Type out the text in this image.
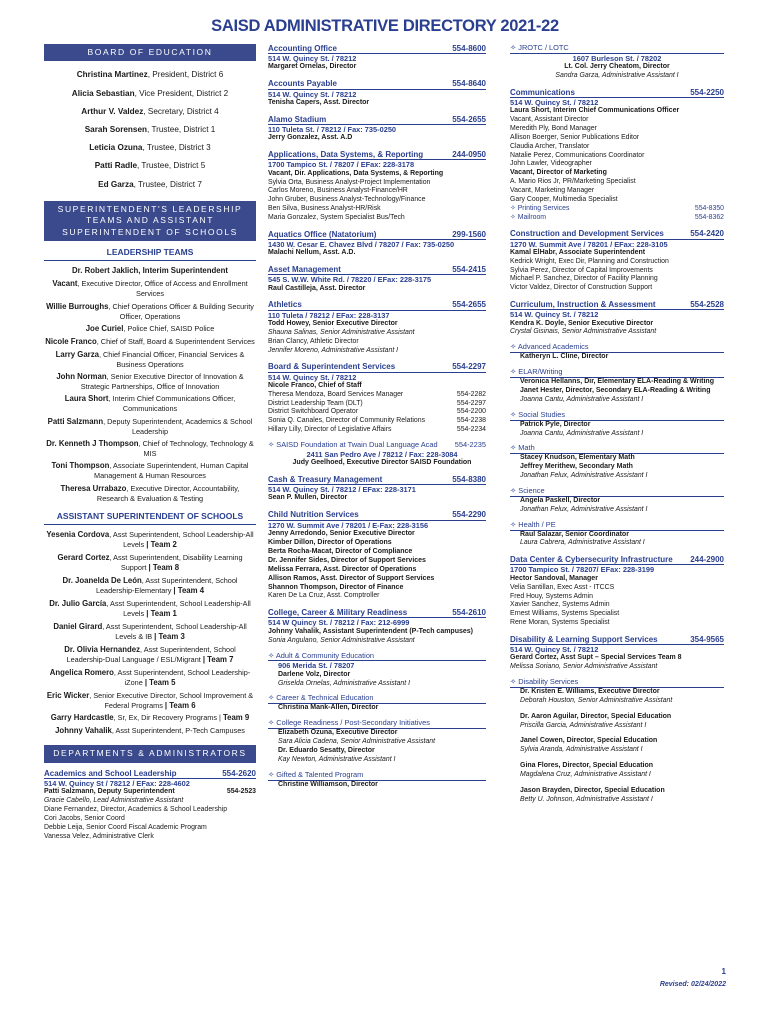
SAISD ADMINISTRATIVE DIRECTORY 2021-22
BOARD OF EDUCATION
Christina Martinez, President, District 6
Alicia Sebastian, Vice President, District 2
Arthur V. Valdez, Secretary, District 4
Sarah Sorensen, Trustee, District 1
Leticia Ozuna, Trustee, District 3
Patti Radle, Trustee, District 5
Ed Garza, Trustee, District 7
SUPERINTENDENT'S LEADERSHIP TEAMS AND ASSISTANT SUPERINTENDENT OF SCHOOLS
LEADERSHIP TEAMS
Dr. Robert Jaklich, Interim Superintendent
Vacant, Executive Director, Office of Access and Enrollment Services
Willie Burroughs, Chief Operations Officer & Building Security Officer, Operations
Joe Curiel, Police Chief, SAISD Police
Nicole Franco, Chief of Staff, Board & Superintendent Services
Larry Garza, Chief Financial Officer, Financial Services & Business Operations
John Norman, Senior Executive Director of Innovation & Strategic Partnerships, Office of Innovation
Laura Short, Interim Chief Communications Officer, Communications
Patti Salzmann, Deputy Superintendent, Academics & School Leadership
Dr. Kenneth J Thompson, Chief of Technology, Technology & MIS
Toni Thompson, Associate Superintendent, Human Capital Management & Human Resources
Theresa Urrabazo, Executive Director, Accountability, Research & Evaluation & Testing
ASSISTANT SUPERINTENDENT OF SCHOOLS
Yesenia Cordova, Asst Superintendent, School Leadership-All Levels | Team 2
Gerard Cortez, Asst Superintendent, Disability Learning Support | Team 8
Dr. Joanelda De León, Asst Superintendent, School Leadership-Elementary | Team 4
Dr. Julio García, Asst Superintendent, School Leadership-All Levels | Team 1
Daniel Girard, Asst Superintendent, School Leadership-All Levels & IB | Team 3
Dr. Olivia Hernandez, Asst Superintendent, School Leadership-Dual Language / ESL/Migrant | Team 7
Angelica Romero, Asst Superintendent, School Leadership-iZone | Team 5
Eric Wicker, Senior Executive Director, School Improvement & Federal Programs | Team 6
Garry Hardcastle, Sr, Ex, Dir Recovery Programs | Team 9
Johnny Vahalik, Asst Superintendent, P-Tech Campuses
DEPARTMENTS & ADMINISTRATORS
Academics and School Leadership	554-2620
514 W. Quincy St / 78212 / EFax: 228-4602
Patti Salzmann, Deputy Superintendent	554-2523
Gracie Cabello, Lead Administrative Assistant
Diane Fernandez, Director, Academics & School Leadership
Cori Jacobs, Senior Coord
Debbie Leija, Senior Coord Fiscal Academic Program
Vanessa Velez, Administrative Clerk
Accounting Office	554-8600
514 W. Quincy St. / 78212
Margaret Ornelas, Director
Accounts Payable	554-8640
514 W. Quincy St. / 78212
Tenisha Capers, Asst. Director
Alamo Stadium	554-2655
110 Tuleta St. / 78212 / Fax: 735-0250
Jerry Gonzalez, Asst. A.D
Applications, Data Systems, & Reporting	244-0950
1700 Tampico St. / 78207 / EFax: 228-3178
Vacant, Dir. Applications, Data Systems, & Reporting
Sylvia Orta, Business Analyst-Project Implementation
Carlos Moreno, Business Analyst-Finance/HR
John Gruber, Business Analyst-Technology/Finance
Ben Silva, Business Analyst-HR/Risk
Maria Gonzalez, System Specialist Bus/Tech
Aquatics Office (Natatorium)	299-1560
1430 W. Cesar E. Chavez Blvd / 78207 / Fax: 735-0250
Malachi Nellum, Asst. A.D.
Asset Management	554-2415
545 S. W.W. White Rd. / 78220 / EFax: 228-3175
Raul Castilleja, Asst. Director
Athletics	554-2655
110 Tuleta / 78212 / EFax: 228-3137
Todd Howey, Senior Executive Director
Shauna Salinas, Senior Administrative Assistant
Brian Clancy, Athletic Director
Jennifer Moreno, Administrative Assistant I
Board & Superintendent Services	554-2297
514 W. Quincy St. / 78212
Nicole Franco, Chief of Staff
Theresa Mendoza, Board Services Manager	554-2282
District Leadership Team (DLT)	554-2297
District Switchboard Operator	554-2200
Sonia Q. Canales, Director of Community Relations	554-2238
Hillary Lilly, Director of Legislative Affairs	554-2234
✧ SAISD Foundation at Twain Dual Language Acad 554-2235
2411 San Pedro Ave / 78212 / Fax: 228-3084
Judy Geelhoed, Executive Director SAISD Foundation
Cash & Treasury Management	554-8380
514 W. Quincy St. / 78212 / EFax: 228-3171
Sean P. Mullen, Director
Child Nutrition Services	554-2290
1270 W. Summit Ave / 78201 / E-Fax: 228-3156
Jenny Arredondo, Senior Executive Director
Kimber Dillon, Director of Operations
Berta Rocha-Macat, Director of Compliance
Dr. Jennifer Sides, Director of Support Services
Melissa Ferrara, Asst. Director of Operations
Allison Ramos, Asst. Director of Support Services
Shannon Thompson, Director of Finance
Karen De La Cruz, Asst. Comptroller
College, Career & Military Readiness	554-2610
514 W Quincy St. / 78212 / Fax: 212-6999
Johnny Vahalik, Assistant Superintendent (P-Tech campuses)
Sonia Angulano, Senior Administrative Assistant
✧ Adult & Community Education
906 Merida St. / 78207
Darlene Volz, Director
Griselda Ornelas, Administrative Assistant I
✧ Career & Technical Education
Christina Mank-Allen, Director
✧ College Readiness / Post-Secondary Initiatives
Elizabeth Ozuna, Executive Director
Sara Alicia Cadena, Senior Administrative Assistant
Dr. Eduardo Sesatty, Director
Kay Newton, Administrative Assistant I
✧ Gifted & Talented Program
Christine Williamson, Director
✧ JROTC / LOTC
1607 Burleson St. / 78202
Lt. Col. Jerry Cheatom, Director
Sandra Garza, Administrative Assistant I
Communications	554-2250
514 W. Quincy St. / 78212
Laura Short, Interim Chief Communications Officer
Vacant, Assistant Director
Meredith Ply, Bond Manager
Allison Boerger, Senior Publications Editor
Claudia Archer, Translator
Natalie Perez, Communications Coordinator
John Lawler, Videographer
Vacant, Director of Marketing
A. Mario Rios Jr, PR/Marketing Specialist
Vacant, Marketing Manager
Gary Cooper, Multimedia Specialist
✧ Printing Services	554-8350
✧ Mailroom	554-8362
Construction and Development Services	554-2420
1270 W. Summit Ave / 78201 / EFax: 228-3105
Kamal ElHabr, Associate Superintendent
Kedrick Wright, Exec Dir, Planning and Construction
Sylvia Perez, Director of Capital Improvements
Michael P. Sanchez, Director of Facility Planning
Victor Valdez, Director of Construction Support
Curriculum, Instruction & Assessment	554-2528
514 W. Quincy St. / 78212
Kendra K. Doyle, Senior Executive Director
Crystal Gisinais, Senior Administrative Assistant
✧ Advanced Academics
Katheryn L. Cline, Director
✧ ELAR/Writing
Veronica Hellanns, Dir, Elementary ELA-Reading & Writing
Janet Hester, Director, Secondary ELA-Reading & Writing
Joanna Cantu, Administrative Assistant I
✧ Social Studies
Patrick Pyle, Director
Joanna Cantu, Administrative Assistant I
✧ Math
Stacey Knudson, Elementary Math
Jeffrey Merithew, Secondary Math
Jonathan Felux, Administrative Assistant I
✧ Science
Angela Paskell, Director
Jonathan Felux, Administrative Assistant I
✧ Health / PE
Raul Salazar, Senior Coordinator
Laura Cabrera, Administrative Assistant I
Data Center & Cybersecurity Infrastructure 244-2900
1700 Tampico St. / 78207/ EFax: 228-3199
Hector Sandoval, Manager
Velia Santillan, Exec Asst - ITCCS
Fred Houy, Systems Admin
Xavier Sanchez, Systems Admin
Ernest Williams, Systems Specialist
Rene Moran, Systems Specialist
Disability & Learning Support Services	354-9565
514 W. Quincy St. / 78212
Gerard Cortez, Asst Supt – Special Services Team 8
Melissa Soriano, Senior Administrative Assistant
✧ Disability Services
Dr. Kristen E. Williams, Executive Director
Deborah Houston, Senior Administrative Assistant
Dr. Aaron Aguilar, Director, Special Education
Priscilla Garcia, Administrative Assistant I
Janel Cowen, Director, Special Education
Sylvia Aranda, Administrative Assistant I
Gina Flores, Director, Special Education
Magdalena Cruz, Administrative Assistant I
Jason Brayden, Director, Special Education
Betty U. Johnson, Administrative Assistant I
1
Revised: 02/24/2022
